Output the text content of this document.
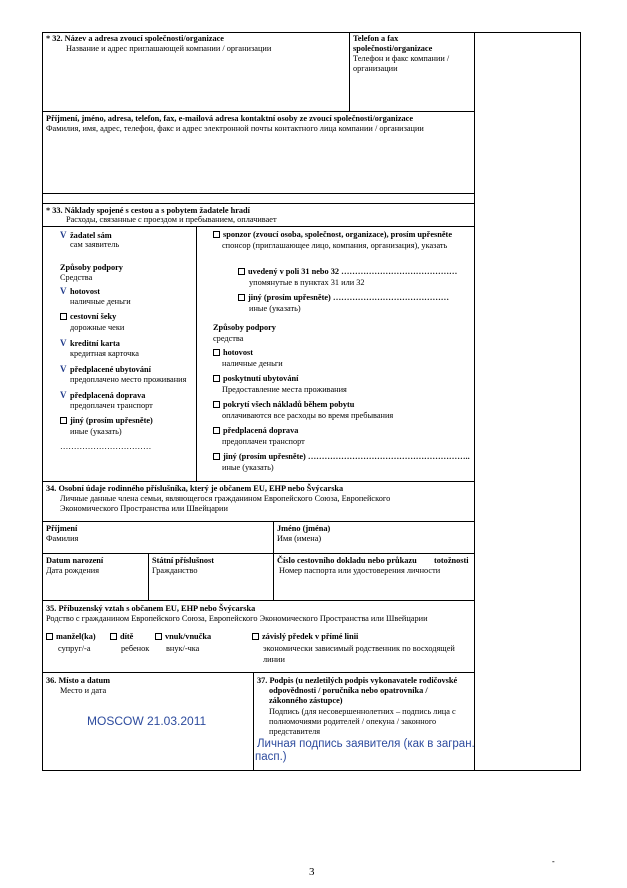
* 32. Název a adresa zvoucí společnosti/organizace
Название и адрес приглашающей компании / организации
Telefon a fax
společnosti/organizace
Телефон и факс компании /
организации
Příjmení, jméno, adresa, telefon, fax, e-mailová adresa kontaktní osoby ze zvoucí společnosti/organizace
Фамилия, имя, адрес, телефон, факс и адрес электронной почты контактного лица компании / организации
* 33. Náklady spojené s cestou a s pobytem žadatele hradí
Расходы, связанные с проездом и пребыванием, оплачивает
V žadatel sám
сам заявитель
Způsoby podpory
Средства
V hotovost
наличные деньги
cestovní šeky
дорожные чеки
V kreditní karta
кредитная карточка
V předplacené ubytování
предоплачено место проживания
V předplacená doprava
предоплачен транспорт
jiný (prosím upřesněte)
иные (указать)
……………………………
sponzor (zvoucí osoba, společnost, organizace), prosím upřesněte
спонсор (приглашающее лицо, компания, организация), указать
uvedený v poli 31 nebo 32 ……………………………………
упомянутые в пунктах 31 или 32
jiný (prosím upřesněte) ……………………………………
иные (указать)
Způsoby podpory
средства
hotovost
наличные деньги
poskytnutí ubytování
Предоставление места проживания
pokrytí všech nákladů během pobytu
оплачиваются все расходы во время пребывания
předplacená doprava
предоплачен транспорт
jiný (prosím upřesněte) …………………………………………………..
иные (указать)
34. Osobní údaje rodinného příslušníka, který je občanem EU, EHP nebo Švýcarska
Личные данные члена семьи, являющегося гражданином Европейского Союза, Европейского
Экономического Пространства или Швейцарии
Příjmení
Фамилия
Jméno (jména)
Имя (имена)
Datum narození
Дата рождения
Státní příslušnost
Гражданство
Číslo cestovního dokladu nebo průkazu totožnosti
Номер паспорта или удостоверения личности
35. Příbuzenský vztah s občanem EU, EHP nebo Švýcarska
Родство с гражданином Европейского Союза, Европейского Экономического Пространства или Швейцарии
manžel(ka)
супруг/-а
dítě
ребенок
vnuk/vnučka
внук/-чка
závislý předek v přímé linii
экономически зависимый родственник по восходящей
линии
36. Místo a datum
Место и дата
MOSCOW 21.03.2011
37. Podpis (u nezletilých podpis vykonavatele rodičovské
odpovědnosti / poručníka nebo opatrovníka /
zákonného zástupce)
Подпись (для несовершеннолетних – подпись лица с
полномочиями родителей / опекуна / законного
представителя
Личная подпись заявителя (как в загран.
пасп.)
3
-
